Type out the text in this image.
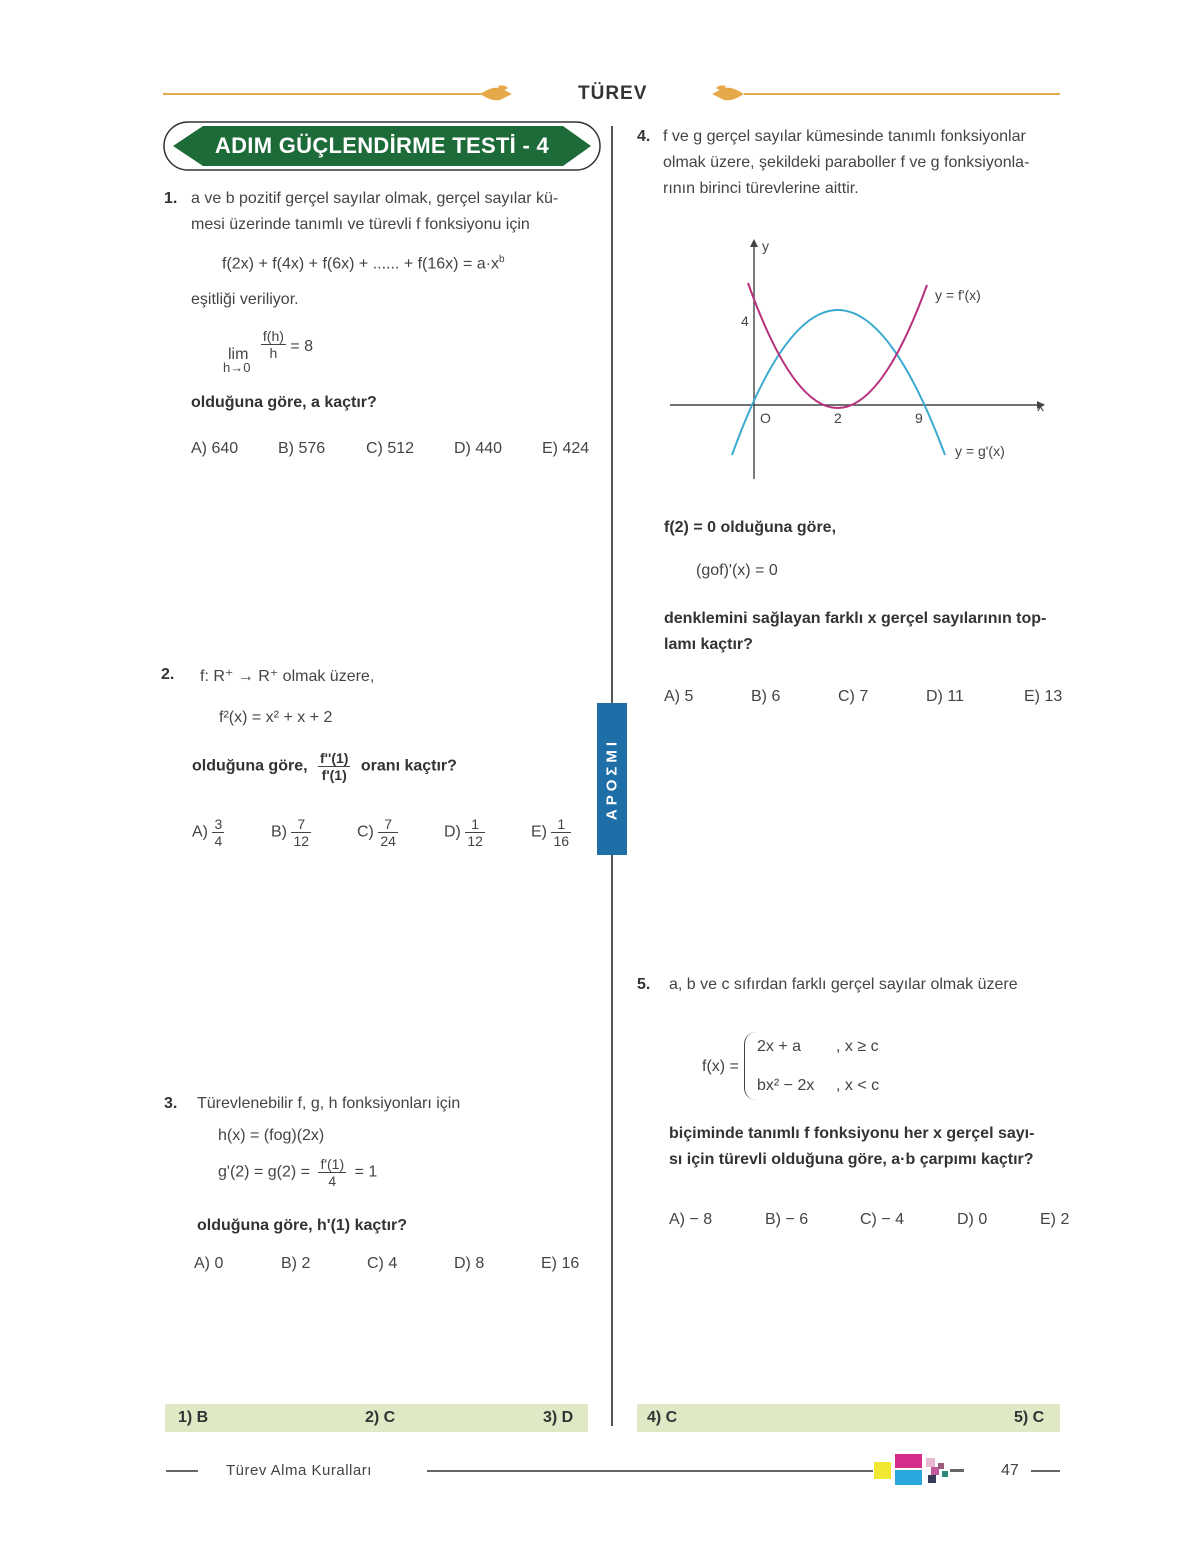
TÜREV
ADIM GÜÇLENDİRME TESTİ - 4
1. a ve b pozitif gerçel sayılar olmak, gerçel sayılar kü-
mesi üzerinde tanımlı ve türevli f fonksiyonu için
f(2x) + f(4x) + f(6x) + ...... + $f(16x) = a\cdot x^b$
eşitliği veriliyor.
$\lim \frac{f(h)}{h} = 8$
h→0
olduğuna göre, a kaçtır?
A) 640 B) 576	C) 512 D) 440 E) 424
2. f: R⁺ → R⁺ olmak üzere,
f²(x) = x² + x + 2
olduğuna göre, $\frac{f''(1)}{f'(1)}$ oranı kaçtır?
$A) \frac{3}{4}$	$B) \frac{7}{12}$	$C) \frac{7}{24}$	$D) \frac{1}{12}$	$E) \frac{1}{16}$
3. Türevlenebilir f, g, h fonksiyonları için
h(x) = (fog)(2x)
$g'(2) = g(2) = \frac{f'(1)}{4} = 1$
olduğuna göre, h'(1) kaçtır?
A) 0	B) 2	C) 4	D) 8	E) 16
APOΣMI
4. f ve g gerçel sayılar kümesinde tanımlı fonksiyonlar
olmak üzere, şekildeki paraboller f ve g fonksiyonla-
rının birinci türevlerine aittir.
y
x
y = f'(x)
y = g'(x)
4
O	2	9
f(2) = 0 olduğuna göre,
(gof)'(x) = 0
denklemini sağlayan farklı x gerçel sayılarının top-
lamı kaçtır?
A) 5	B) 6	C) 7	D) 11	E) 13
5. a, b ve c sıfırdan farklı gerçel sayılar olmak üzere
f(x) =
2x + a , x ≥ c
bx² − 2x , x < c
biçiminde tanımlı f fonksiyonu her x gerçel sayı-
sı için türevli olduğuna göre, a·b çarpımı kaçtır?
A) − 8	B) − 6	C) − 4	D) 0	E) 2
1) B	2) C	3) D	4) C	5) C
Türev Alma Kuralları	47
